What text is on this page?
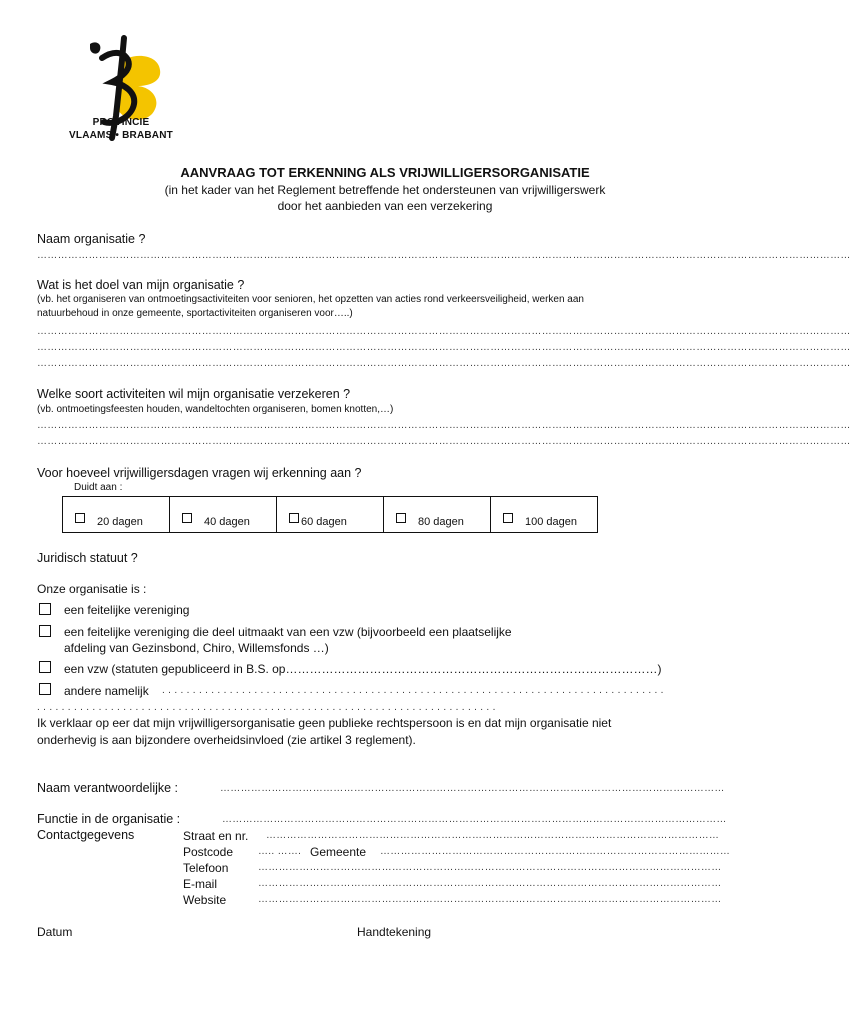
PROVINCIE
VLAAMS • BRABANT
AANVRAAG TOT ERKENNING ALS VRIJWILLIGERSORGANISATIE
(in het kader van het Reglement betreffende het ondersteunen van vrijwilligerswerk
door het aanbieden van een verzekering
Naam organisatie ?
…………………………………………………………………………………………………………………………………………………………………………………………………………………
Wat is het doel van mijn organisatie ?
(vb. het organiseren van ontmoetingsactiviteiten voor senioren, het opzetten van acties rond verkeersveiligheid, werken aan
natuurbehoud in onze gemeente, sportactiviteiten organiseren voor…..)
…………………………………………………………………………………………………………………………………………………………………………………………………………………
…………………………………………………………………………………………………………………………………………………………………………………………………………………
…………………………………………………………………………………………………………………………………………………………………………………………………………………
Welke soort activiteiten wil mijn organisatie verzekeren ?
(vb. ontmoetingsfeesten houden, wandeltochten organiseren, bomen knotten,…)
…………………………………………………………………………………………………………………………………………………………………………………………………………………
…………………………………………………………………………………………………………………………………………………………………………………………………………………
Voor hoeveel vrijwilligersdagen vragen wij erkenning aan ?
Duidt aan :
20 dagen	40 dagen	60 dagen	80 dagen	100 dagen
Juridisch statuut ?
Onze organisatie is :
een feitelijke vereniging
een feitelijke vereniging die deel uitmaakt van een vzw (bijvoorbeeld een plaatselijke
afdeling van Gezinsbond, Chiro, Willemsfonds …)
een vzw (statuten gepubliceerd in B.S. op…………………………………………………………………………………)
andere namelijk . . . . . . . . . . . . . . . . . . . . . . . . . . . . . . . . . . . . . . . . . . . . . . . . . . . . . . . . . . . . . . . . . . . . . . . . . . . . . . . . . .
. . . . . . . . . . . . . . . . . . . . . . . . . . . . . . . . . . . . . . . . . . . . . . . . . . . . . . . . . . . . . . . . . . . . . . . . . . .
Ik verklaar op eer dat mijn vrijwilligersorganisatie geen publieke rechtspersoon is en dat mijn organisatie niet
onderhevig is aan bijzondere overheidsinvloed (zie artikel 3 reglement).
Naam verantwoordelijke :	…………………………………………………………………………………………………………………………………
Functie in de organisatie :	…………………………………………………………………………………………………………………………………
Contactgegevens	Straat en nr. ……………………………………………………………………………………………………………………
Postcode ….. ……. Gemeente …………………………………………………………………………………………
Telefoon	………………………………………………………………………………………………………………………
E-mail	………………………………………………………………………………………………………………………
Website	………………………………………………………………………………………………………………………
Datum	Handtekening
